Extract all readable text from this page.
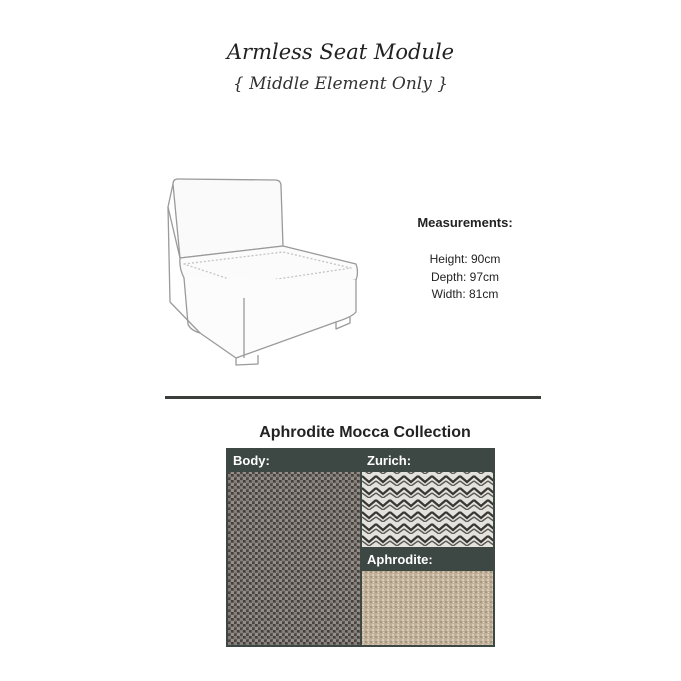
Armless Seat Module
{ Middle Element Only }
Measurements:
Height: 90cm
Depth: 97cm
Width: 81cm
Aphrodite Mocca Collection
Body:	Zurich:
Aphrodite:
